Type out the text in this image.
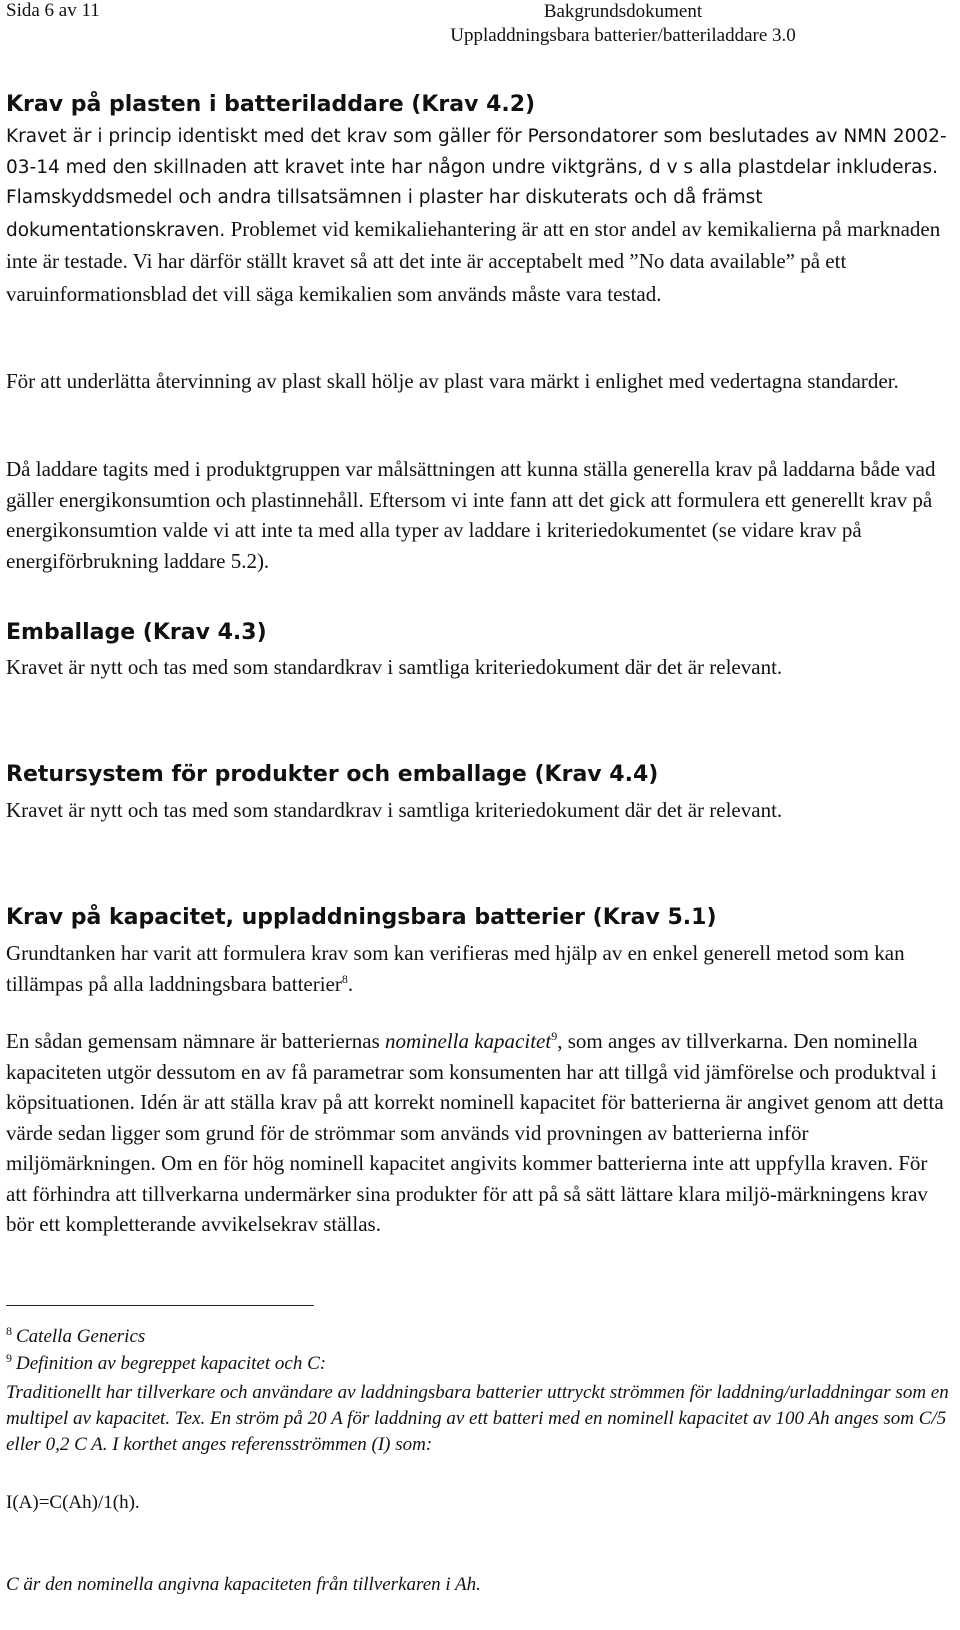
Sida 6 av 11	Bakgrundsdokument
Uppladdningsbara batterier/batteriladdare 3.0
Krav på plasten i batteriladdare (Krav 4.2)

Kravet är i princip identiskt med det krav som gäller för Persondatorer som beslutades av NMN 2002-03-14 med den skillnaden att kravet inte har någon undre viktgräns, d v s alla plastdelar inkluderas. Flamskyddsmedel och andra tillsatsämnen i plaster har diskuterats och då främst dokumentationskraven. Problemet vid kemikaliehantering är att en stor andel av kemikalierna på marknaden inte är testade. Vi har därför ställt kravet så att det inte är acceptabelt med ”No data available” på ett varuinformationsblad det vill säga kemikalien som används måste vara testad.

För att underlätta återvinning av plast skall hölje av plast vara märkt i enlighet med vedertagna standarder.

Då laddare tagits med i produktgruppen var målsättningen att kunna ställa generella krav på laddarna både vad gäller energikonsumtion och plastinnehåll. Eftersom vi inte fann att det gick att formulera ett generellt krav på energikonsumtion valde vi att inte ta med alla typer av laddare i kriteriedokumentet (se vidare krav på energiförbrukning laddare 5.2).

Emballage (Krav 4.3)

Kravet är nytt och tas med som standardkrav i samtliga kriteriedokument där det är relevant.

Retursystem för produkter och emballage (Krav 4.4)

Kravet är nytt och tas med som standardkrav i samtliga kriteriedokument där det är relevant.

Krav på kapacitet, uppladdningsbara batterier (Krav 5.1)

Grundtanken har varit att formulera krav som kan verifieras med hjälp av en enkel generell metod som kan tillämpas på alla laddningsbara batterier$^8$.

En sådan gemensam nämnare är batteriernas nominella kapacitet$^9$, som anges av tillverkarna. Den nominella kapaciteten utgör dessutom en av få parametrar som konsumenten har att tillgå vid jämförelse och produktval i köpsituationen. Idén är att ställa krav på att korrekt nominell kapacitet för batterierna är angivet genom att detta värde sedan ligger som grund för de strömmar som används vid provningen av batterierna inför miljömärkningen. Om en för hög nominell kapacitet angivits kommer batterierna inte att uppfylla kraven. För att förhindra att tillverkarna undermärker sina produkter för att på så sätt lättare klara miljö-märkningens krav bör ett kompletterande avvikelsekrav ställas.

$^8$ Catella Generics
$^9$ Definition av begreppet kapacitet och C:
Traditionellt har tillverkare och användare av laddningsbara batterier uttryckt strömmen för laddning/urladdningar som en multipel av kapacitet. Tex. En ström på 20 A för laddning av ett batteri med en nominell kapacitet av 100 Ah anges som C/5 eller 0,2 C A. I korthet anges referensströmmen (I) som:
I(A)=C(Ah)/1(h).
C är den nominella angivna kapaciteten från tillverkaren i Ah.
